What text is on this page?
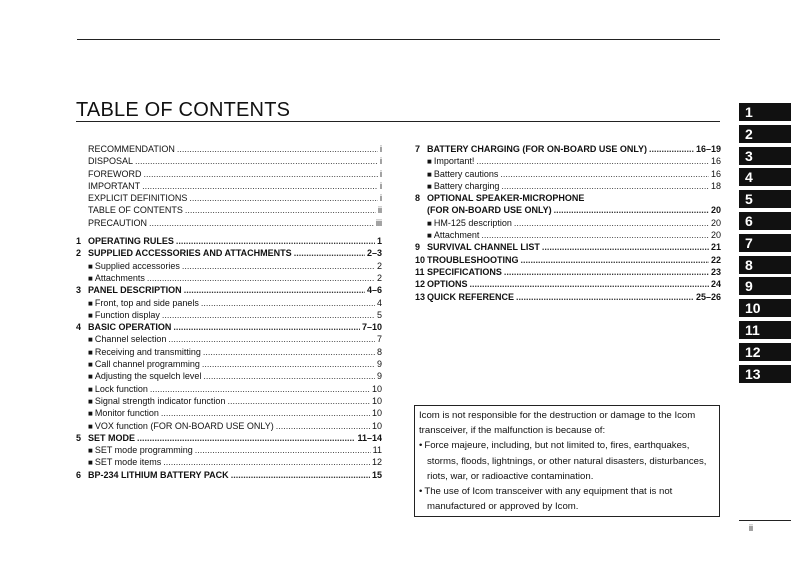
TABLE OF CONTENTS
RECOMMENDATION .....	i
DISPOSAL .....	i
FOREWORD .....	i
IMPORTANT .....	i
EXPLICIT DEFINITIONS .....	i
TABLE OF CONTENTS .....	ii
PRECAUTION .....	iii
1 OPERATING RULES .....	1
2 SUPPLIED ACCESSORIES AND ATTACHMENTS .....	2–3
■ Supplied accessories .....	2
■ Attachments .....	2
3 PANEL DESCRIPTION .....	4–6
■ Front, top and side panels .....	4
■ Function display .....	5
4 BASIC OPERATION .....	7–10
■ Channel selection .....	7
■ Receiving and transmitting .....	8
■ Call channel programming .....	9
■ Adjusting the squelch level .....	9
■ Lock function .....	10
■ Signal strength indicator function .....	10
■ Monitor function .....	10
■ VOX function (FOR ON-BOARD USE ONLY) .....	10
5 SET MODE .....	11–14
■ SET mode programming .....	11
■ SET mode items .....	12
6 BP-234 LITHIUM BATTERY PACK .....	15
7 BATTERY CHARGING (FOR ON-BOARD USE ONLY) .....	16–19
■ Important! .....	16
■ Battery cautions .....	16
■ Battery charging .....	18
8 OPTIONAL SPEAKER-MICROPHONE
(FOR ON-BOARD USE ONLY) .....	20
■ HM-125 description .....	20
■ Attachment .....	20
9 SURVIVAL CHANNEL LIST .....	21
10 TROUBLESHOOTING .....	22
11 SPECIFICATIONS .....	23
12 OPTIONS .....	24
13 QUICK REFERENCE .....	25–26
1
2
3
4
5
6
7
8
9
10
11
12
13

Icom is not responsible for the destruction or damage to the Icom transceiver, if the malfunction is because of:

• Force majeure, including, but not limited to, fires, earthquakes, storms, floods, lightnings, or other natural disasters, disturbances, riots, war, or radioactive contamination.
• The use of Icom transceiver with any equipment that is not manufactured or approved by Icom.
ii
